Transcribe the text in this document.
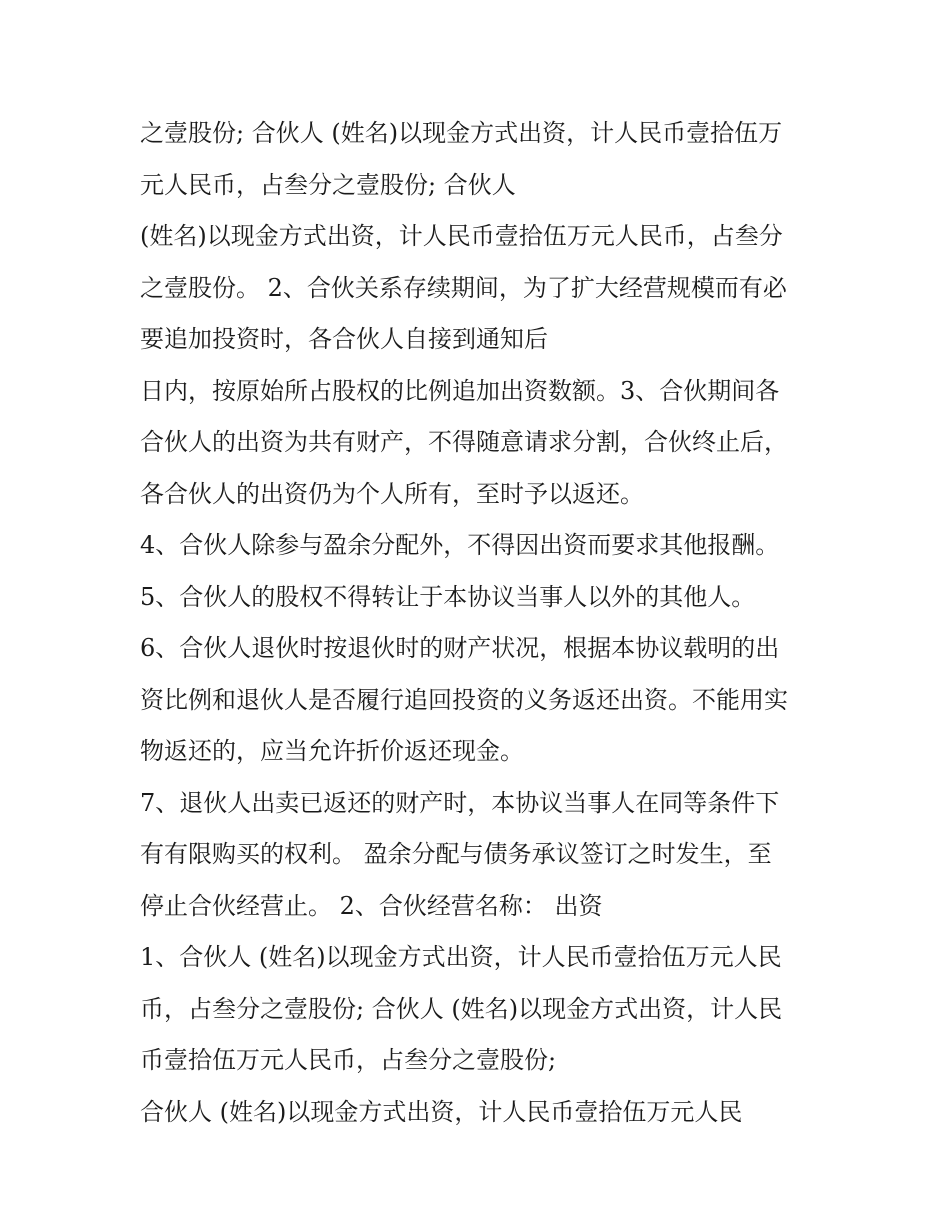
之壹股份; 合伙人 (姓名)以现金方式出资，计人民币壹拾伍万

元人民币，占叁分之壹股份; 合伙人

(姓名)以现金方式出资，计人民币壹拾伍万元人民币，占叁分

之壹股份。 2、合伙关系存续期间，为了扩大经营规模而有必

要追加投资时，各合伙人自接到通知后

日内，按原始所占股权的比例追加出资数额。3、合伙期间各

合伙人的出资为共有财产，不得随意请求分割，合伙终止后，

各合伙人的出资仍为个人所有，至时予以返还。

4、合伙人除参与盈余分配外，不得因出资而要求其他报酬。

5、合伙人的股权不得转让于本协议当事人以外的其他人。

6、合伙人退伙时按退伙时的财产状况，根据本协议载明的出

资比例和退伙人是否履行追回投资的义务返还出资。不能用实

物返还的，应当允许折价返还现金。

7、退伙人出卖已返还的财产时，本协议当事人在同等条件下

有有限购买的权利。 盈余分配与债务承议签订之时发生，至

停止合伙经营止。 2、合伙经营名称： 出资

1、合伙人 (姓名)以现金方式出资，计人民币壹拾伍万元人民

币，占叁分之壹股份; 合伙人 (姓名)以现金方式出资，计人民

币壹拾伍万元人民币，占叁分之壹股份;

合伙人 (姓名)以现金方式出资，计人民币壹拾伍万元人民
